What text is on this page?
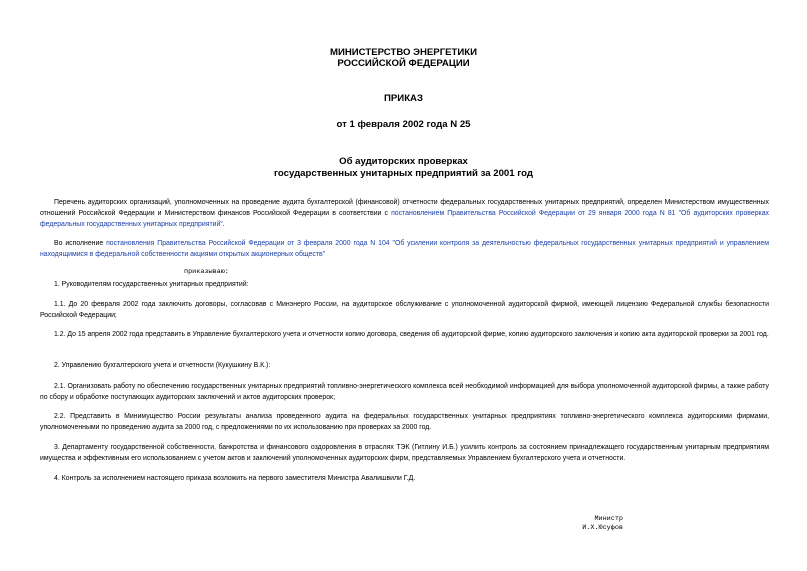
МИНИСТЕРСТВО ЭНЕРГЕТИКИ
РОССИЙСКОЙ ФЕДЕРАЦИИ
ПРИКАЗ
от 1 февраля 2002 года N 25
Об аудиторских проверках
государственных унитарных предприятий за 2001 год

Перечень аудиторских организаций, уполномоченных на проведение аудита бухгалтерской (финансовой) отчетности федеральных государственных унитарных предприятий, определен Министерством имущественных отношений Российской Федерации и Министерством финансов Российской Федерации в соответствии с постановлением Правительства Российской Федерации от 29 января 2000 года N 81 "Об аудиторских проверках федеральных государственных унитарных предприятий".

Во исполнение постановления Правительства Российской Федерации от 3 февраля 2000 года N 104 "Об усилении контроля за деятельностью федеральных государственных унитарных предприятий и управлением находящимися в федеральной собственности акциями открытых акционерных обществ"

приказываю:

1. Руководителям государственных унитарных предприятий:

1.1. До 20 февраля 2002 года заключить договоры, согласовав с Минэнерго России, на аудиторское обслуживание с уполномоченной аудиторской фирмой, имеющей лицензию Федеральной службы безопасности Российской Федерации;

1.2. До 15 апреля 2002 года представить в Управление бухгалтерского учета и отчетности копию договора, сведения об аудиторской фирме, копию аудиторского заключения и копию акта аудиторской проверки за 2001 год.

2. Управлению бухгалтерского учета и отчетности (Кукушкину В.К.):

2.1. Организовать работу по обеспечению государственных унитарных предприятий топливно-энергетического комплекса всей необходимой информацией для выбора уполномоченной аудиторской фирмы, а также работу по сбору и обработке поступающих аудиторских заключений и актов аудиторских проверок;

2.2. Представить в Минимущество России результаты анализа проведенного аудита на федеральных государственных унитарных предприятиях топливно-энергетического комплекса аудиторскими фирмами, уполномоченными по проведению аудита за 2000 год, с предложениями по их использованию при проверках за 2000 год.

3. Департаменту государственной собственности, банкротства и финансового оздоровления в отраслях ТЭК (Гитлину И.Б.) усилить контроль за состоянием принадлежащего государственным унитарным предприятиям имущества и эффективным его использованием с учетом актов и заключений уполномоченных аудиторских фирм, представляемых Управлением бухгалтерского учета и отчетности.

4. Контроль за исполнением настоящего приказа возложить на первого заместителя Министра Авалишвили Г.Д.

Министр
И.Х.Юсуфов
